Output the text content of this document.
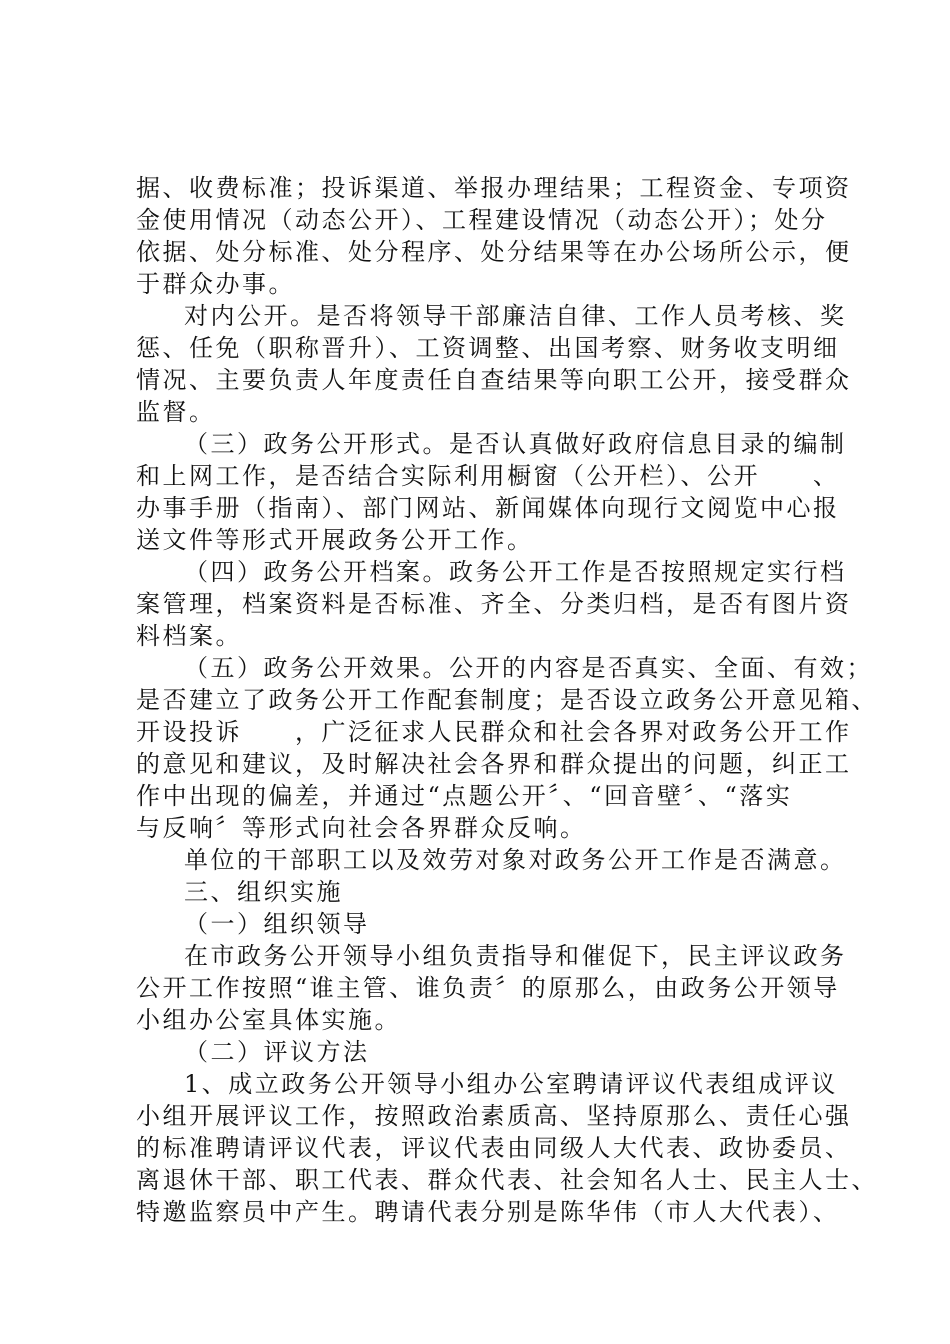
据、收费标准；投诉渠道、举报办理结果；工程资金、专项资
金使用情况（动态公开）、工程建设情况（动态公开）；处分
依据、处分标准、处分程序、处分结果等在办公场所公示，便
于群众办事。
对内公开。是否将领导干部廉洁自律、工作人员考核、奖
惩、任免（职称晋升）、工资调整、出国考察、财务收支明细
情况、主要负责人年度责任自查结果等向职工公开，接受群众
监督。
（三）政务公开形式。是否认真做好政府信息目录的编制
和上网工作，是否结合实际利用橱窗（公开栏）、公开　　、
办事手册（指南）、部门网站、新闻媒体向现行文阅览中心报
送文件等形式开展政务公开工作。
（四）政务公开档案。政务公开工作是否按照规定实行档
案管理，档案资料是否标准、齐全、分类归档，是否有图片资
料档案。
（五）政务公开效果。公开的内容是否真实、全面、有效；
是否建立了政务公开工作配套制度；是否设立政务公开意见箱、
开设投诉　　，广泛征求人民群众和社会各界对政务公开工作
的意见和建议，及时解决社会各界和群众提出的问题，纠正工
作中出现的偏差，并通过“点题公开〞、“回音壁〞、“落实
与反响〞等形式向社会各界群众反响。
单位的干部职工以及效劳对象对政务公开工作是否满意。
三、组织实施
（一）组织领导
在市政务公开领导小组负责指导和催促下，民主评议政务
公开工作按照“谁主管、谁负责〞的原那么，由政务公开领导
小组办公室具体实施。
（二）评议方法
1、成立政务公开领导小组办公室聘请评议代表组成评议
小组开展评议工作，按照政治素质高、坚持原那么、责任心强
的标准聘请评议代表，评议代表由同级人大代表、政协委员、
离退休干部、职工代表、群众代表、社会知名人士、民主人士、
特邀监察员中产生。聘请代表分别是陈华伟（市人大代表）、
